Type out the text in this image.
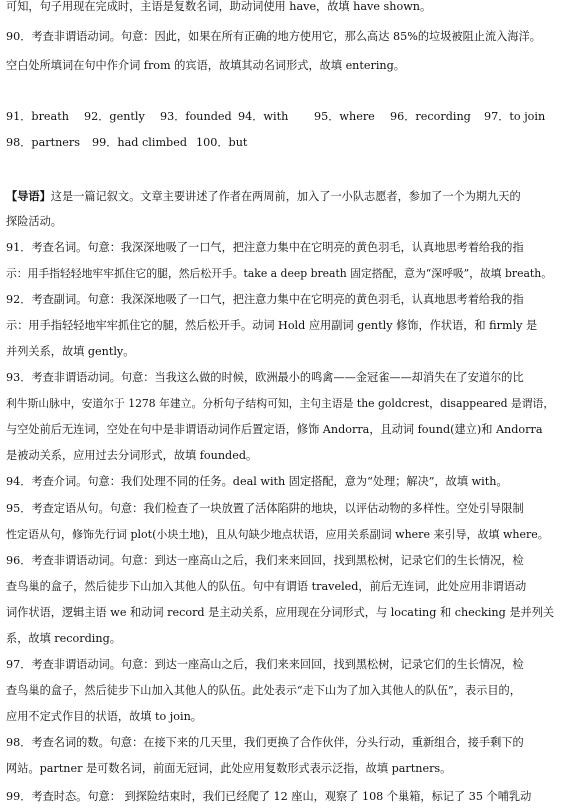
可知，句子用现在完成时，主语是复数名词，助动词使用 have，故填 have shown。
90．考查非谓语动词。句意：因此，如果在所有正确的地方使用它，那么高达 85%的垃圾被阻止流入海洋。
空白处所填词在句中作介词 from 的宾语，故填其动名词形式，故填 entering。
91．breath 92．gently 93．founded 94．with 95．where 96．recording 97．to join
98．partners 99．had climbed 100．but
【导语】这是一篇记叙文。文章主要讲述了作者在两周前，加入了一小队志愿者，参加了一个为期九天的
探险活动。
91．考查名词。句意：我深深地吸了一口气，把注意力集中在它明亮的黄色羽毛，认真地思考着给我的指
示：用手指轻轻地牢牢抓住它的腿，然后松开手。take a deep breath 固定搭配，意为“深呼吸”，故填 breath。
92．考查副词。句意：我深深地吸了一口气，把注意力集中在它明亮的黄色羽毛，认真地思考着给我的指
示：用手指轻轻地牢牢抓住它的腿，然后松开手。动词 Hold 应用副词 gently 修饰，作状语，和 firmly 是
并列关系，故填 gently。
93．考查非谓语动词。句意：当我这么做的时候，欧洲最小的鸣禽——金冠雀——却消失在了安道尔的比
利牛斯山脉中，安道尔于 1278 年建立。分析句子结构可知，主句主语是 the goldcrest，disappeared 是谓语，
与空处前后无连词，空处在句中是非谓语动词作后置定语，修饰 Andorra，且动词 found(建立)和 Andorra
是被动关系，应用过去分词形式，故填 founded。
94．考查介词。句意：我们处理不同的任务。deal with 固定搭配，意为“处理；解决”，故填 with。
95．考查定语从句。句意：我们检查了一块放置了活体陷阱的地块，以评估动物的多样性。空处引导限制
性定语从句，修饰先行词 plot(小块土地)，且从句缺少地点状语，应用关系副词 where 来引导，故填 where。
96．考查非谓语动词。句意：到达一座高山之后，我们来来回回，找到黑松树，记录它们的生长情况，检
查鸟巢的盒子，然后徒步下山加入其他人的队伍。句中有谓语 traveled，前后无连词，此处应用非谓语动
词作状语，逻辑主语 we 和动词 record 是主动关系，应用现在分词形式，与 locating 和 checking 是并列关
系，故填 recording。
97．考查非谓语动词。句意：到达一座高山之后，我们来来回回，找到黑松树，记录它们的生长情况，检
查鸟巢的盒子，然后徒步下山加入其他人的队伍。此处表示“走下山为了加入其他人的队伍”，表示目的，
应用不定式作目的状语，故填 to join。
98．考查名词的数。句意：在接下来的几天里，我们更换了合作伙伴，分头行动，重新组合，接手剩下的
网站。partner 是可数名词，前面无冠词，此处应用复数形式表示泛指，故填 partners。
99．考查时态。句意： 到探险结束时，我们已经爬了 12 座山，观察了 108 个巢箱，标记了 35 个哺乳动
